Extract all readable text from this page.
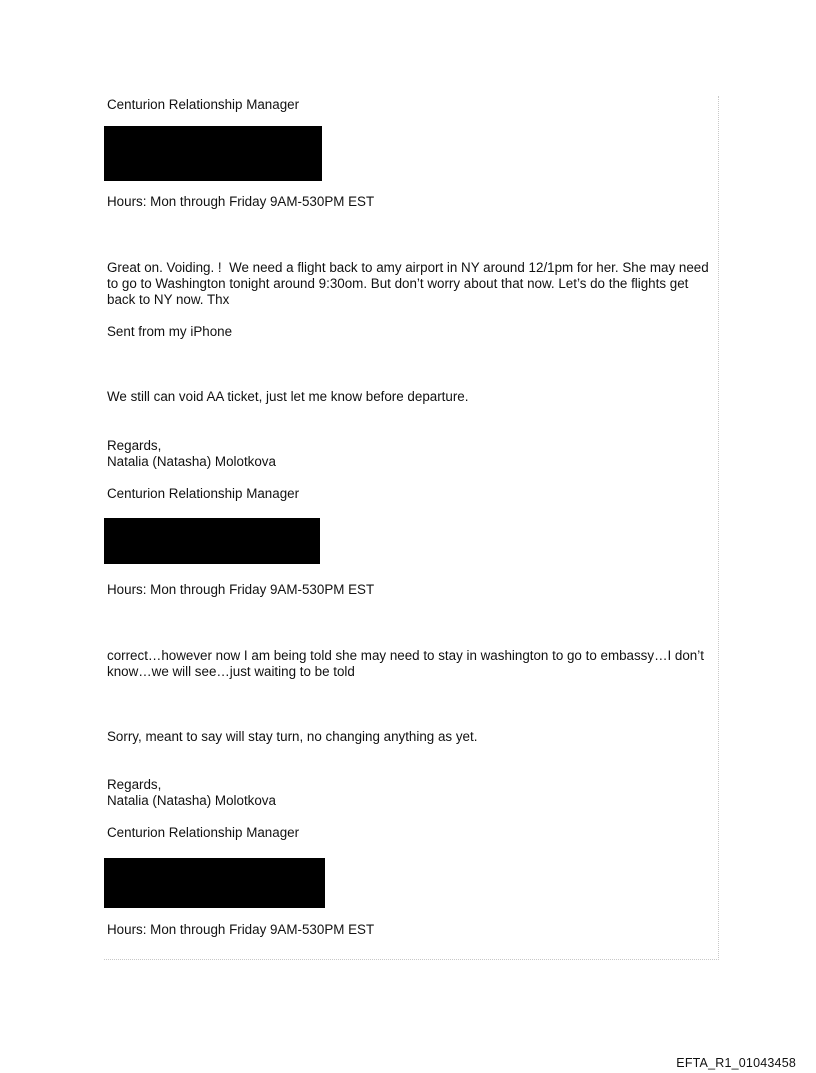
Centurion Relationship Manager

Hours: Mon through Friday 9AM-530PM EST

Great on. Voiding. !  We need a flight back to amy airport in NY around 12/1pm for her. She may need to go to Washington tonight around 9:30om. But don’t worry about that now. Let’s do the flights get back to NY now. Thx

Sent from my iPhone

We still can void AA ticket, just let me know before departure.

Regards,

Natalia (Natasha) Molotkova

Centurion Relationship Manager

Hours: Mon through Friday 9AM-530PM EST

correct…however now I am being told she may need to stay in washington to go to embassy…I don’t know…we will see…just waiting to be told

Sorry, meant to say will stay turn, no changing anything as yet.

Regards,

Natalia (Natasha) Molotkova

Centurion Relationship Manager

Hours: Mon through Friday 9AM-530PM EST

EFTA_R1_01043458
